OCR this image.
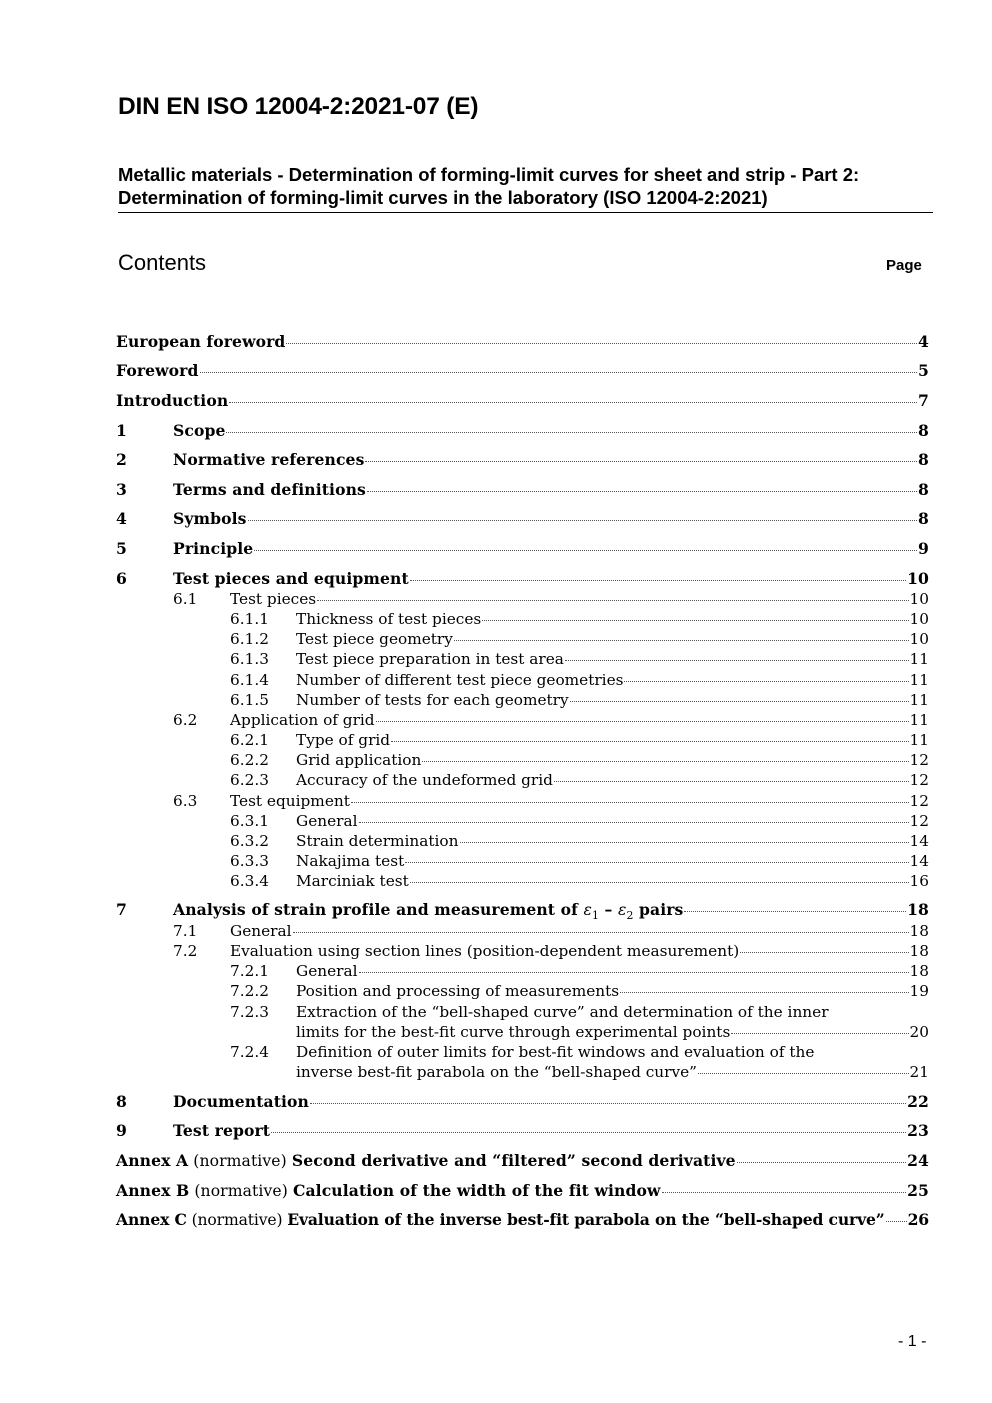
DIN EN ISO 12004-2:2021-07 (E)
Metallic materials - Determination of forming-limit curves for sheet and strip - Part 2:
Determination of forming-limit curves in the laboratory (ISO 12004-2:2021)
Contents	Page
European foreword	4
Foreword	5
Introduction	7
1	Scope	8
2	Normative references	8
3	Terms and definitions	8
4	Symbols	8
5	Principle	9
6	Test pieces and equipment	10
6.1	Test pieces	10
6.1.1	Thickness of test pieces	10
6.1.2	Test piece geometry	10
6.1.3	Test piece preparation in test area	11
6.1.4	Number of different test piece geometries	11
6.1.5	Number of tests for each geometry	11
6.2	Application of grid	11
6.2.1	Type of grid	11
6.2.2	Grid application	12
6.2.3	Accuracy of the undeformed grid	12
6.3	Test equipment	12
6.3.1	General	12
6.3.2	Strain determination	14
6.3.3	Nakajima test	14
6.3.4	Marciniak test	16
7	Analysis of strain profile and measurement of $\varepsilon_1 - \varepsilon_2$ pairs	18
7.1	General	18
7.2	Evaluation using section lines (position-dependent measurement)	18
7.2.1	General	18
7.2.2	Position and processing of measurements	19
7.2.3	Extraction of the “bell-shaped curve” and determination of the inner
limits for the best-fit curve through experimental points	20
7.2.4	Definition of outer limits for best-fit windows and evaluation of the
inverse best-fit parabola on the “bell-shaped curve”	21
8	Documentation	22
9	Test report	23
Annex A (normative) Second derivative and “filtered” second derivative	24
Annex B (normative) Calculation of the width of the fit window	25
Annex C (normative) Evaluation of the inverse best-fit parabola on the “bell-shaped curve” 26
- 1 -
